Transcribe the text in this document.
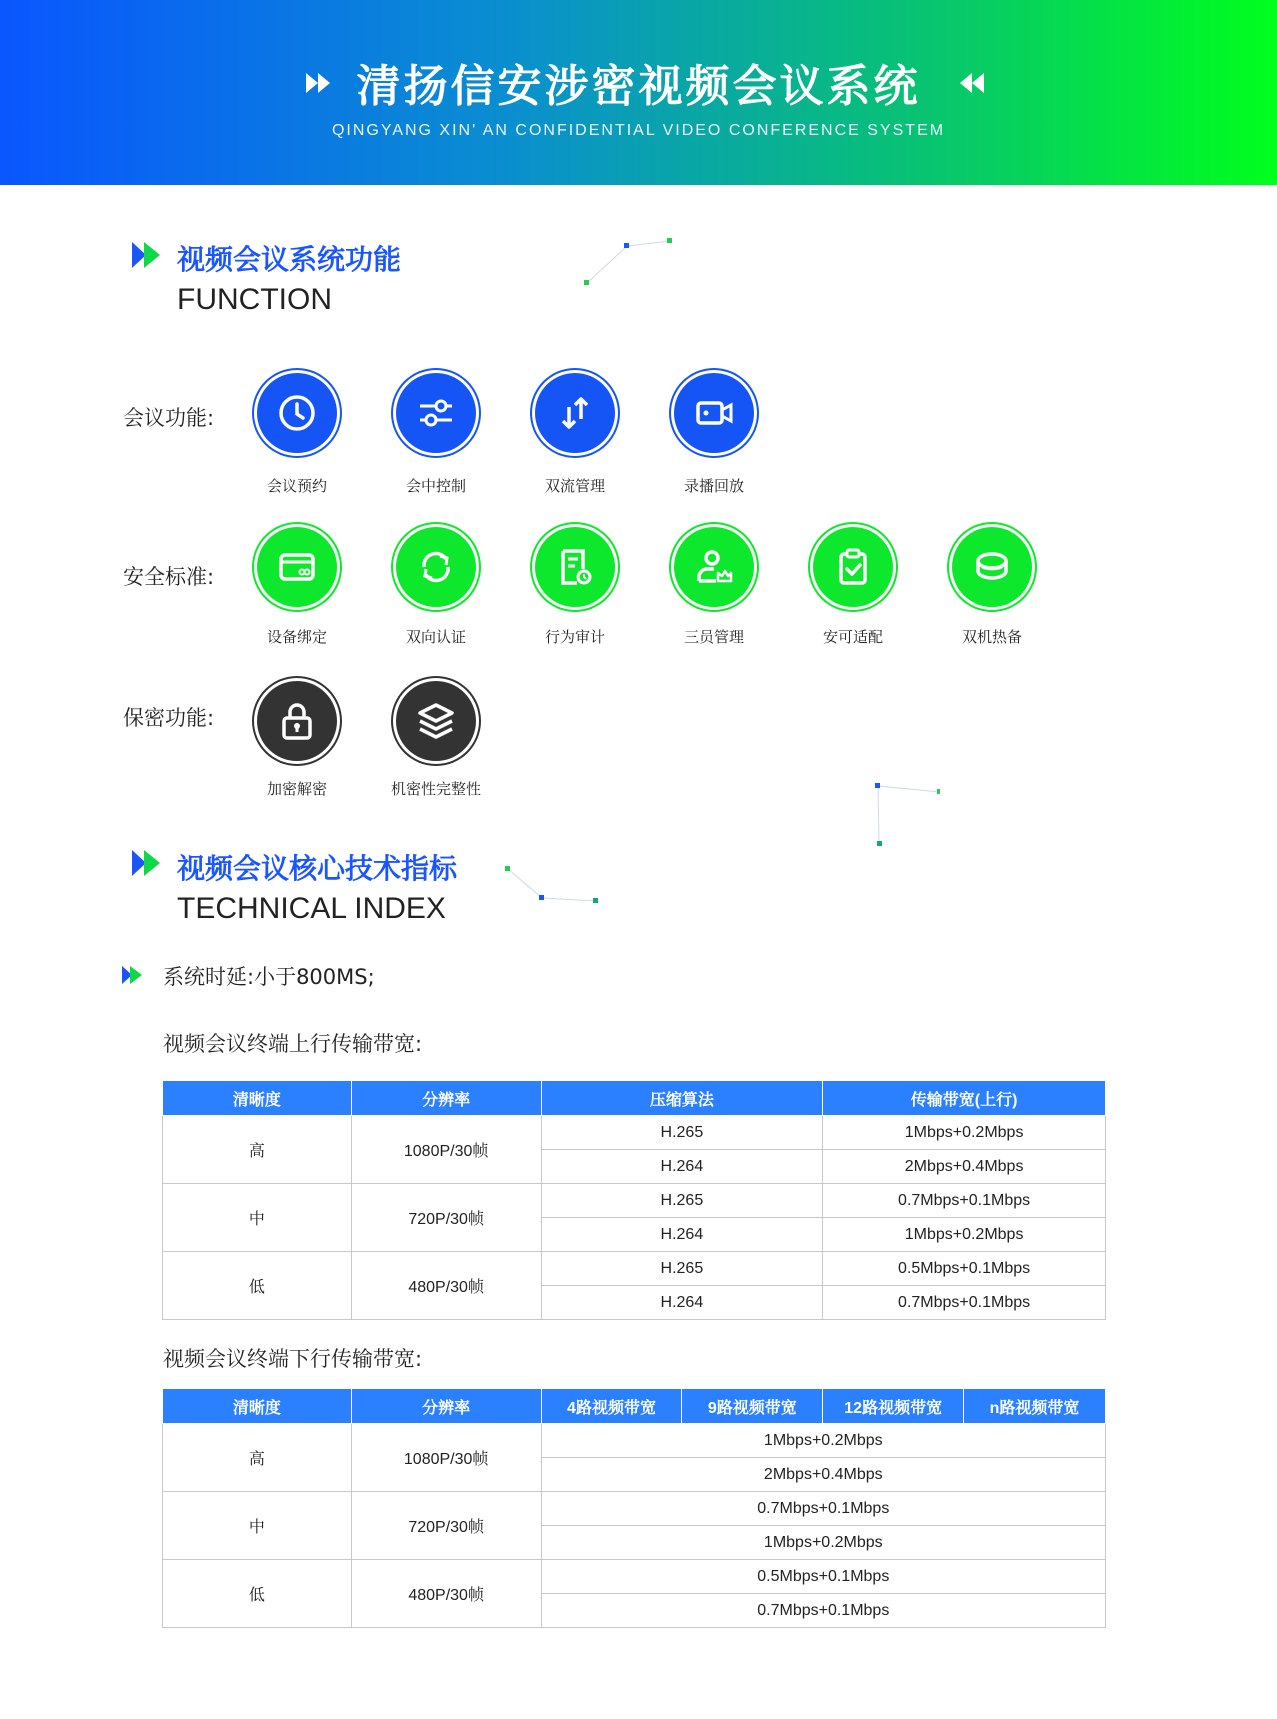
清扬信安涉密视频会议系统
QINGYANG XIN' AN CONFIDENTIAL VIDEO CONFERENCE SYSTEM
视频会议系统功能
FUNCTION
会议功能:
会议预约	会中控制	双流管理	录播回放
安全标准:
设备绑定	双向认证	行为审计	三员管理	安可适配	双机热备
保密功能:
加密解密	机密性完整性
视频会议核心技术指标
TECHNICAL INDEX
系统时延:小于800MS;
视频会议终端上行传输带宽:
清晰度	分辨率	压缩算法	传输带宽(上行)
高	1080P/30帧	H.265	1Mbps+0.2Mbps
		H.264	2Mbps+0.4Mbps
中	720P/30帧	H.265	0.7Mbps+0.1Mbps
		H.264	1Mbps+0.2Mbps
低	480P/30帧	H.265	0.5Mbps+0.1Mbps
		H.264	0.7Mbps+0.1Mbps
视频会议终端下行传输带宽:
清晰度	分辨率	4路视频带宽	9路视频带宽	12路视频带宽	n路视频带宽
高	1080P/30帧	1Mbps+0.2Mbps			
		2Mbps+0.4Mbps			
中	720P/30帧	0.7Mbps+0.1Mbps			
		1Mbps+0.2Mbps			
低	480P/30帧	0.5Mbps+0.1Mbps			
		0.7Mbps+0.1Mbps			
